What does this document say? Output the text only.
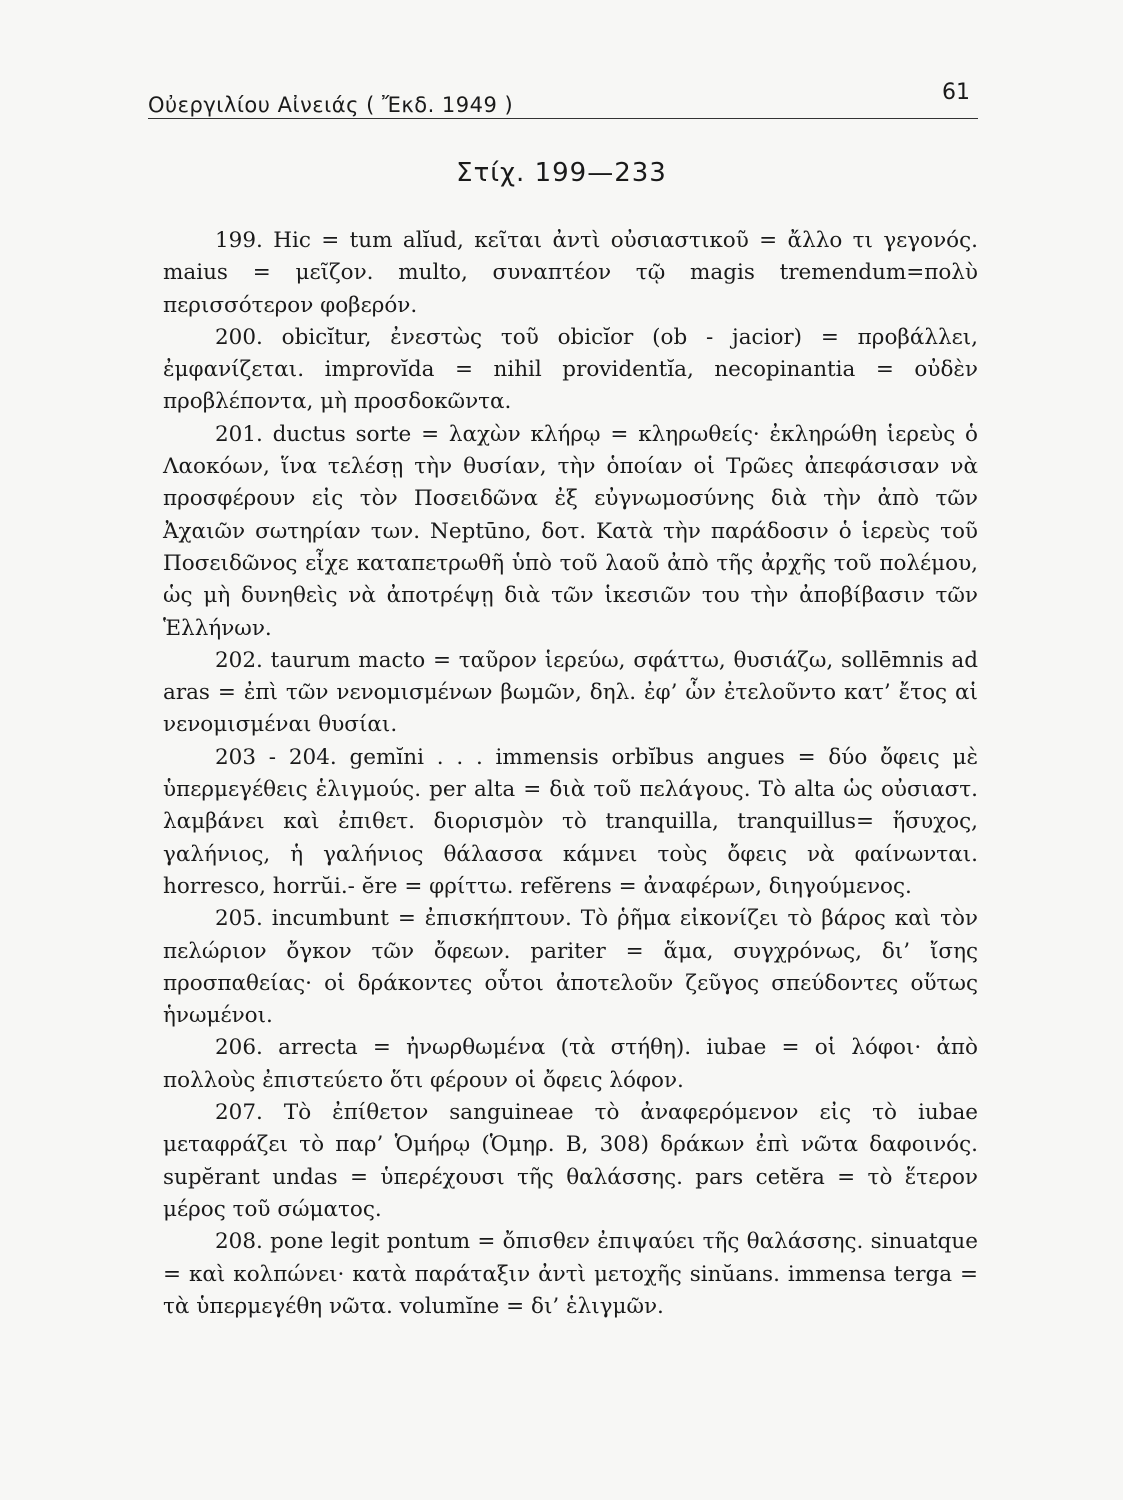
Οὐεργιλίου Αἰνειάς ( Ἔκδ. 1949 )	61
Στίχ. 199—233

199. Hic = tum alĭud, κεῖται ἀντὶ οὐσιαστικοῦ = ἄλλο τι γεγονός. maius = μεῖζον. multo, συναπτέον τῷ magis tremendum=πολὺ περισσότερον φοβερόν.

200. obicĭtur, ἐνεστὼς τοῦ obicĭor (ob - jacior) = προβάλλει, ἐμφανίζεται. improvĭda = nihil providentĭa, necopinantia = οὐδὲν προβλέποντα, μὴ προσδοκῶντα.

201. ductus sorte = λαχὼν κλήρῳ = κληρωθείς· ἐκληρώθη ἱερεὺς ὁ Λαοκόων, ἵνα τελέσῃ τὴν θυσίαν, τὴν ὁποίαν οἱ Τρῶες ἀπεφάσισαν νὰ προσφέρουν εἰς τὸν Ποσειδῶνα ἐξ εὐγνωμοσύνης διὰ τὴν ἀπὸ τῶν Ἀχαιῶν σωτηρίαν των. Neptūno, δοτ. Κατὰ τὴν παράδοσιν ὁ ἱερεὺς τοῦ Ποσειδῶνος εἶχε καταπετρωθῆ ὑπὸ τοῦ λαοῦ ἀπὸ τῆς ἀρχῆς τοῦ πολέμου, ὡς μὴ δυνηθεὶς νὰ ἀποτρέψῃ διὰ τῶν ἱκεσιῶν του τὴν ἀποβίβασιν τῶν Ἑλλήνων.

202. taurum macto = ταῦρον ἱερεύω, σφάττω, θυσιάζω, sollēmnis ad aras = ἐπὶ τῶν νενομισμένων βωμῶν, δηλ. ἐφ’ ὧν ἐτελοῦντο κατ’ ἔτος αἱ νενομισμέναι θυσίαι.

203 - 204. gemĭni . . . immensis orbĭbus angues = δύο ὄφεις μὲ ὑπερμεγέθεις ἑλιγμούς. per alta = διὰ τοῦ πελάγους. Τὸ alta ὡς οὐσιαστ. λαμβάνει καὶ ἐπιθετ. διορισμὸν τὸ tranquilla, tranquillus= ἥσυχος, γαλήνιος, ἡ γαλήνιος θάλασσα κάμνει τοὺς ὄφεις νὰ φαίνωνται. horresco, horrŭi.- ĕre = φρίττω. refĕrens = ἀναφέρων, διηγούμενος.

205. incumbunt = ἐπισκήπτουν. Τὸ ῥῆμα εἰκονίζει τὸ βάρος καὶ τὸν πελώριον ὄγκον τῶν ὄφεων. pariter = ἅμα, συγχρόνως, δι’ ἴσης προσπαθείας· οἱ δράκοντες οὗτοι ἀποτελοῦν ζεῦγος σπεύδοντες οὕτως ἡνωμένοι.

206. arrecta = ἠνωρθωμένα (τὰ στήθη). iubae = οἱ λόφοι· ἀπὸ πολλοὺς ἐπιστεύετο ὅτι φέρουν οἱ ὄφεις λόφον.

207. Τὸ ἐπίθετον sanguineae τὸ ἀναφερόμενον εἰς τὸ iubae μεταφράζει τὸ παρ’ Ὁμήρῳ (Ὁμηρ. Β, 308) δράκων ἐπὶ νῶτα δαφοινός. supĕrant undas = ὑπερέχουσι τῆς θαλάσσης. pars cetĕra = τὸ ἕτερον μέρος τοῦ σώματος.

208. pone legit pontum = ὄπισθεν ἐπιψαύει τῆς θαλάσσης. sinuatque = καὶ κολπώνει· κατὰ παράταξιν ἀντὶ μετοχῆς sinŭans. immensa terga = τὰ ὑπερμεγέθη νῶτα. volumĭne = δι’ ἑλιγμῶν.
